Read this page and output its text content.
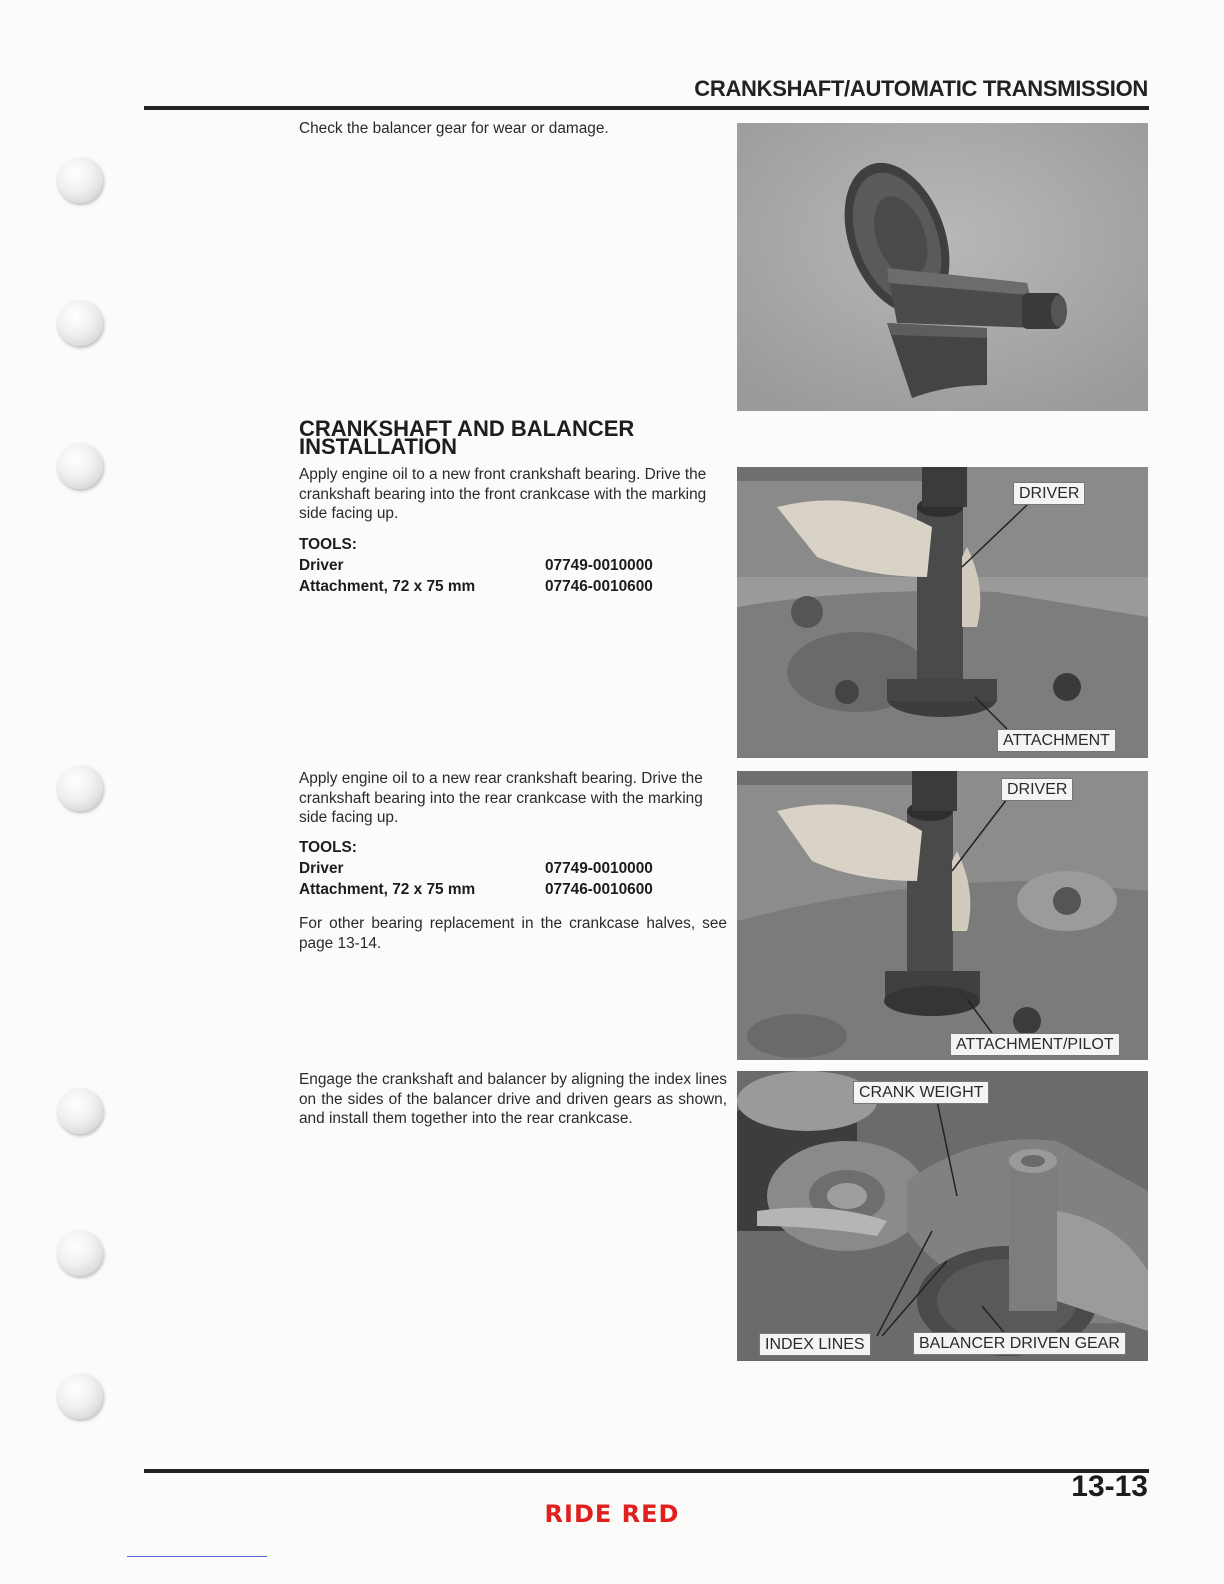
CRANKSHAFT/AUTOMATIC TRANSMISSION
Check the balancer gear for wear or damage.
CRANKSHAFT AND BALANCER
INSTALLATION
Apply engine oil to a new front crankshaft bearing. Drive the crankshaft bearing into the front crankcase with the marking side facing up.
TOOLS:
Driver	07749-0010000
Attachment, 72 x 75 mm	07746-0010600
Apply engine oil to a new rear crankshaft bearing. Drive the crankshaft bearing into the rear crankcase with the marking side facing up.
TOOLS:
Driver	07749-0010000
Attachment, 72 x 75 mm	07746-0010600
For other bearing replacement in the crankcase halves, see page 13-14.
Engage the crankshaft and balancer by aligning the index lines on the sides of the balancer drive and driven gears as shown, and install them together into the rear crankcase.
DRIVER
ATTACHMENT
DRIVER
ATTACHMENT/PILOT
CRANK WEIGHT
INDEX LINES	BALANCER DRIVEN GEAR
13-13
RIDE RED
